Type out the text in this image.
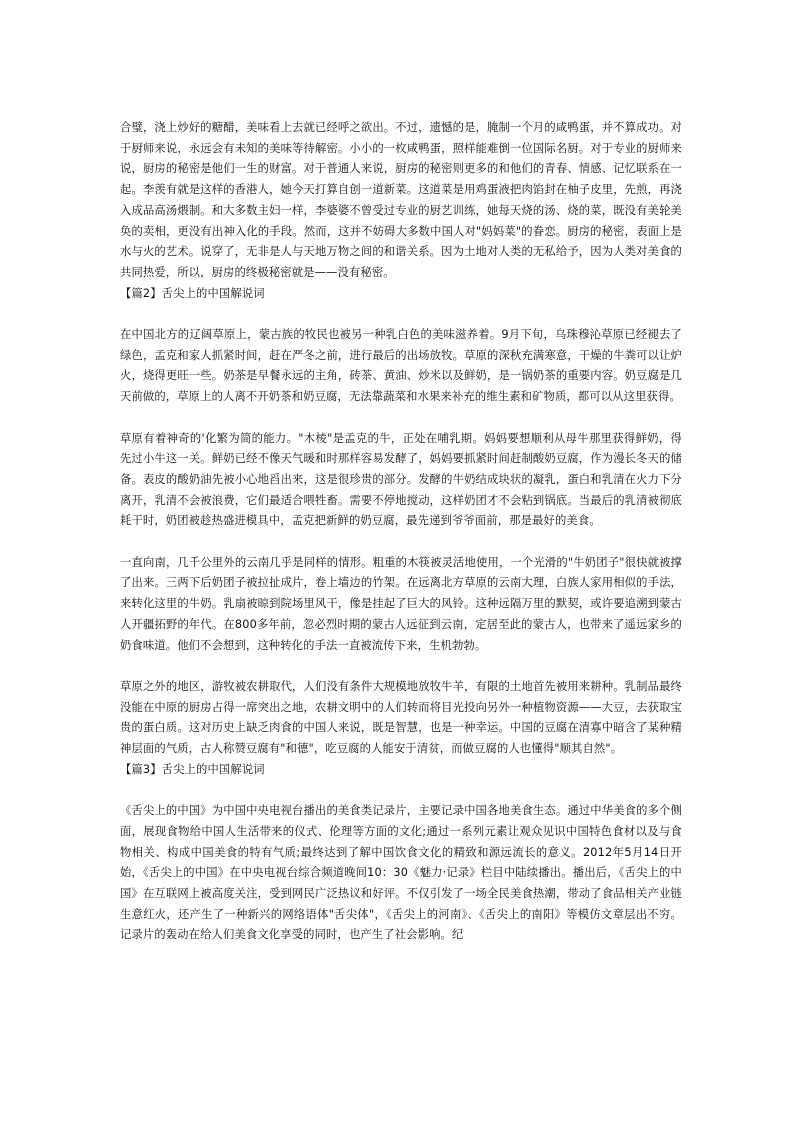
合璧，浇上炒好的糖醋，美味看上去就已经呼之欲出。不过，遗憾的是，腌制一个月的咸鸭蛋，并不算成功。对于厨师来说，永远会有未知的美味等待解密。小小的一枚咸鸭蛋，照样能难倒一位国际名厨。对于专业的厨师来说，厨房的秘密是他们一生的财富。对于普通人来说，厨房的秘密则更多的和他们的青春、情感、记忆联系在一起。李羡有就是这样的香港人，她今天打算自创一道新菜。这道菜是用鸡蛋液把肉馅封在柚子皮里，先煎，再浇入成品高汤煨制。和大多数主妇一样，李婆婆不曾受过专业的厨艺训练，她每天烧的汤、烧的菜，既没有美轮美奂的卖相，更没有出神入化的手段。然而，这并不妨碍大多数中国人对"妈妈菜"的眷恋。厨房的秘密，表面上是水与火的艺术。说穿了，无非是人与天地万物之间的和谐关系。因为土地对人类的无私给予，因为人类对美食的共同热爱，所以，厨房的终极秘密就是——没有秘密。

【篇2】舌尖上的中国解说词

在中国北方的辽阔草原上，蒙古族的牧民也被另一种乳白色的美味滋养着。9月下旬，乌珠穆沁草原已经褪去了绿色，孟克和家人抓紧时间，赶在严冬之前，进行最后的出场放牧。草原的深秋充满寒意，干燥的牛粪可以让炉火，烧得更旺一些。奶茶是早餐永远的主角，砖茶、黄油、炒米以及鲜奶，是一锅奶茶的重要内容。奶豆腐是几天前做的，草原上的人离不开奶茶和奶豆腐，无法靠蔬菜和水果来补充的维生素和矿物质，都可以从这里获得。

草原有着神奇的'化繁为简的能力。"木棱"是孟克的牛，正处在哺乳期。妈妈要想顺利从母牛那里获得鲜奶，得先过小牛这一关。鲜奶已经不像天气暖和时那样容易发酵了，妈妈要抓紧时间赶制酸奶豆腐，作为漫长冬天的储备。表皮的酸奶油先被小心地舀出来，这是很珍贵的部分。发酵的牛奶结成块状的凝乳，蛋白和乳清在火力下分离开，乳清不会被浪费，它们最适合喂牲畜。需要不停地搅动，这样奶团才不会粘到锅底。当最后的乳清被彻底耗干时，奶团被趁热盛进模具中，孟克把新鲜的奶豆腐，最先递到爷爷面前，那是最好的美食。

一直向南，几千公里外的云南几乎是同样的情形。粗重的木筷被灵活地使用，一个光滑的"牛奶团子"很快就被撑了出来。三两下后奶团子被拉扯成片，卷上墙边的竹架。在远离北方草原的云南大理，白族人家用相似的手法，来转化这里的牛奶。乳扇被晾到院场里风干，像是挂起了巨大的风铃。这种远隔万里的默契，或许要追溯到蒙古人开疆拓野的年代。在800多年前，忽必烈时期的蒙古人远征到云南，定居至此的蒙古人，也带来了遥远家乡的奶食味道。他们不会想到，这种转化的手法一直被流传下来，生机勃勃。

草原之外的地区，游牧被农耕取代，人们没有条件大规模地放牧牛羊，有限的土地首先被用来耕种。乳制品最终没能在中原的厨房占得一席突出之地，农耕文明中的人们转而将目光投向另外一种植物资源——大豆，去获取宝贵的蛋白质。这对历史上缺乏肉食的中国人来说，既是智慧，也是一种幸运。中国的豆腐在清寡中暗含了某种精神层面的气质，古人称赞豆腐有"和德"，吃豆腐的人能安于清贫，而做豆腐的人也懂得"顺其自然"。

【篇3】舌尖上的中国解说词

《舌尖上的中国》为中国中央电视台播出的美食类记录片，主要记录中国各地美食生态。通过中华美食的多个侧面，展现食物给中国人生活带来的仪式、伦理等方面的文化;通过一系列元素让观众见识中国特色食材以及与食物相关、构成中国美食的特有气质;最终达到了解中国饮食文化的精致和源远流长的意义。2012年5月14日开始，《舌尖上的中国》在中央电视台综合频道晚间10：30《魅力·记录》栏目中陆续播出。播出后，《舌尖上的中国》在互联网上被高度关注，受到网民广泛热议和好评。不仅引发了一场全民美食热潮，带动了食品相关产业链生意红火，还产生了一种新兴的网络语体"舌尖体"，《舌尖上的河南》、《舌尖上的南阳》等模仿文章层出不穷。记录片的轰动在给人们美食文化享受的同时，也产生了社会影响。纪
